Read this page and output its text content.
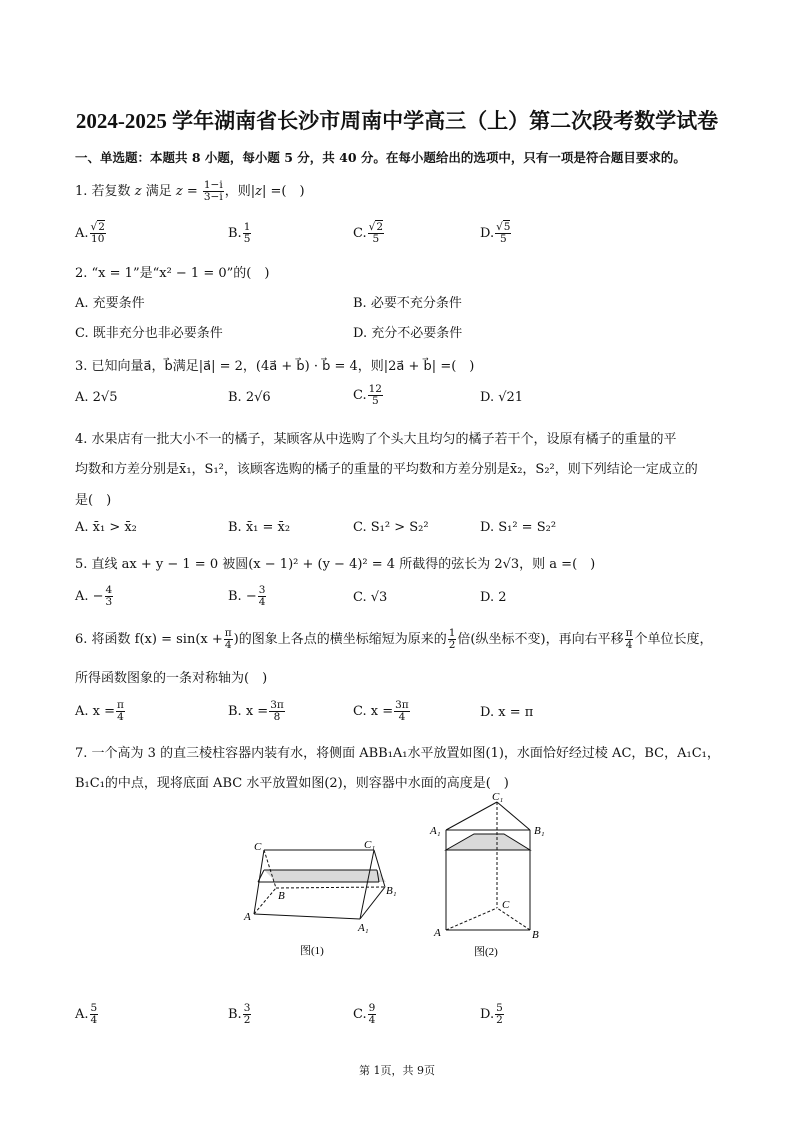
2024-2025 学年湖南省长沙市周南中学高三（上）第二次段考数学试卷
一、单选题：本题共 8 小题，每小题 5 分，共 40 分。在每小题给出的选项中，只有一项是符合题目要求的。
1. 若复数 z 满足 $z = \frac{1-i}{3-i}$ ，则|z| =(　)
A. $\frac{√2}{10}$	B. $\frac{1}{5}$	C. $\frac{√2}{5}$	D. $\frac{√5}{5}$
2. “x = 1”是“x² − 1 = 0”的(　)
A. 充要条件	B. 必要不充分条件
C. 既非充分也非必要条件	D. 充分不必要条件
3. 已知向量a⃗，b⃗满足|a⃗| = 2，(4a⃗ + b⃗) · b⃗ = 4，则|2a⃗ + b⃗| =(　)
A. 2√5	B. 2√6	C. $\frac{12}{5}$	D. √21
4. 水果店有一批大小不一的橘子，某顾客从中选购了个头大且均匀的橘子若干个，设原有橘子的重量的平
均数和方差分别是x̄₁，S₁²，该顾客选购的橘子的重量的平均数和方差分别是x̄₂，S₂²，则下列结论一定成立的
是(　)
A. x̄₁ > x̄₂	B. x̄₁ = x̄₂	C. S₁² > S₂²	D. S₁² = S₂²
5. 直线 ax + y − 1 = 0 被圆(x − 1)² + (y − 4)² = 4 所截得的弦长为 2√3，则 a =(　)
A. − $\frac{4}{3}$	B. − $\frac{3}{4}$	C. √3	D. 2
6. 将函数 $f(x) = \sin(x + \frac{\pi}{4}$ )的图象上各点的横坐标缩短为原来的 $\frac{1}{2}$ 倍(纵坐标不变)，再向右平移 $\frac{\pi}{4}$ 个单位长度，
所得函数图象的一条对称轴为(　)
A. $x = \frac{\pi}{4}$	B. $x = \frac{3\pi}{8}$	C. $x = \frac{3\pi}{4}$	D. x = π
7. 一个高为 3 的直三棱柱容器内装有水，将侧面 ABB₁A₁水平放置如图(1)，水面恰好经过棱 AC，BC，A₁C₁，
B₁C₁的中点，现将底面 ABC 水平放置如图(2)，则容器中水面的高度是(　)
C	C₁
B	B₁
A
A₁
图(1)
C₁
A₁	B₁
C
A	B
图(2)
A. $\frac{5}{4}$	B. $\frac{3}{2}$	C. $\frac{9}{4}$	D. $\frac{5}{2}$
第 1页，共 9页
